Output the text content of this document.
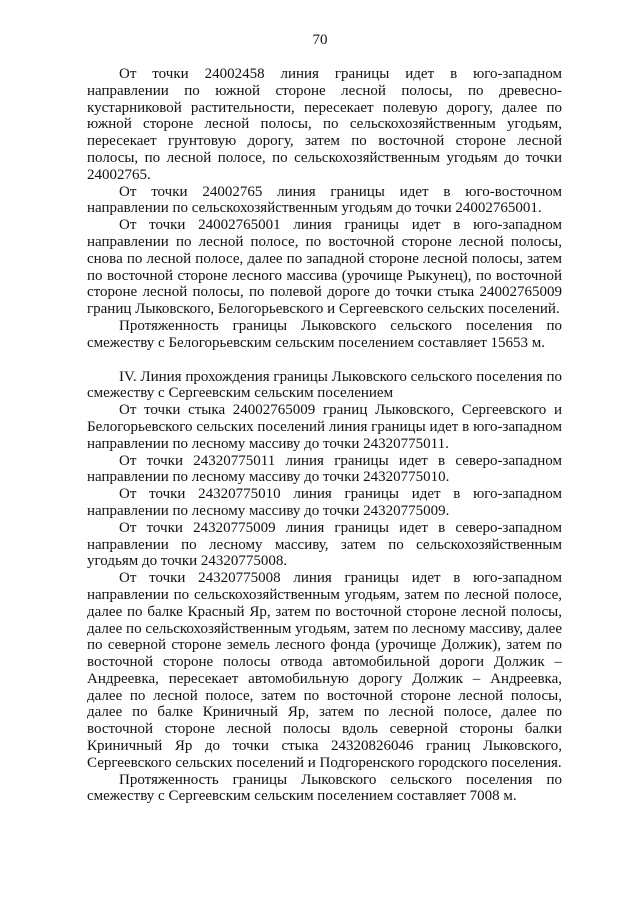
70

От точки 24002458 линия границы идет в юго-западном направлении по южной стороне лесной полосы, по древесно-кустарниковой растительности, пересекает полевую дорогу, далее по южной стороне лесной полосы, по сельскохозяйственным угодьям, пересекает грунтовую дорогу, затем по восточной стороне лесной полосы, по лесной полосе, по сельскохозяйственным угодьям до точки 24002765.

От точки 24002765 линия границы идет в юго-восточном направлении по сельскохозяйственным угодьям до точки 24002765001.

От точки 24002765001 линия границы идет в юго-западном направлении по лесной полосе, по восточной стороне лесной полосы, снова по лесной полосе, далее по западной стороне лесной полосы, затем по восточной стороне лесного массива (урочище Рыкунец), по восточной стороне лесной полосы, по полевой дороге до точки стыка 24002765009 границ Лыковского, Белогорьевского и Сергеевского сельских поселений.

Протяженность границы Лыковского сельского поселения по смежеству с Белогорьевским сельским поселением составляет 15653 м.

IV. Линия прохождения границы Лыковского сельского поселения по смежеству с Сергеевским сельским поселением

От точки стыка 24002765009 границ Лыковского, Сергеевского и Белогорьевского сельских поселений линия границы идет в юго-западном направлении по лесному массиву до точки 24320775011.

От точки 24320775011 линия границы идет в северо-западном направлении по лесному массиву до точки 24320775010.

От точки 24320775010 линия границы идет в юго-западном направлении по лесному массиву до точки 24320775009.

От точки 24320775009 линия границы идет в северо-западном направлении по лесному массиву, затем по сельскохозяйственным угодьям до точки 24320775008.

От точки 24320775008 линия границы идет в юго-западном направлении по сельскохозяйственным угодьям, затем по лесной полосе, далее по балке Красный Яр, затем по восточной стороне лесной полосы, далее по сельскохозяйственным угодьям, затем по лесному массиву, далее по северной стороне земель лесного фонда (урочище Должик), затем по восточной стороне полосы отвода автомобильной дороги Должик – Андреевка, пересекает автомобильную дорогу Должик – Андреевка, далее по лесной полосе, затем по восточной стороне лесной полосы, далее по балке Криничный Яр, затем по лесной полосе, далее по восточной стороне лесной полосы вдоль северной стороны балки Криничный Яр до точки стыка 24320826046 границ Лыковского, Сергеевского сельских поселений и Подгоренского городского поселения.

Протяженность границы Лыковского сельского поселения по смежеству с Сергеевским сельским поселением составляет 7008 м.
